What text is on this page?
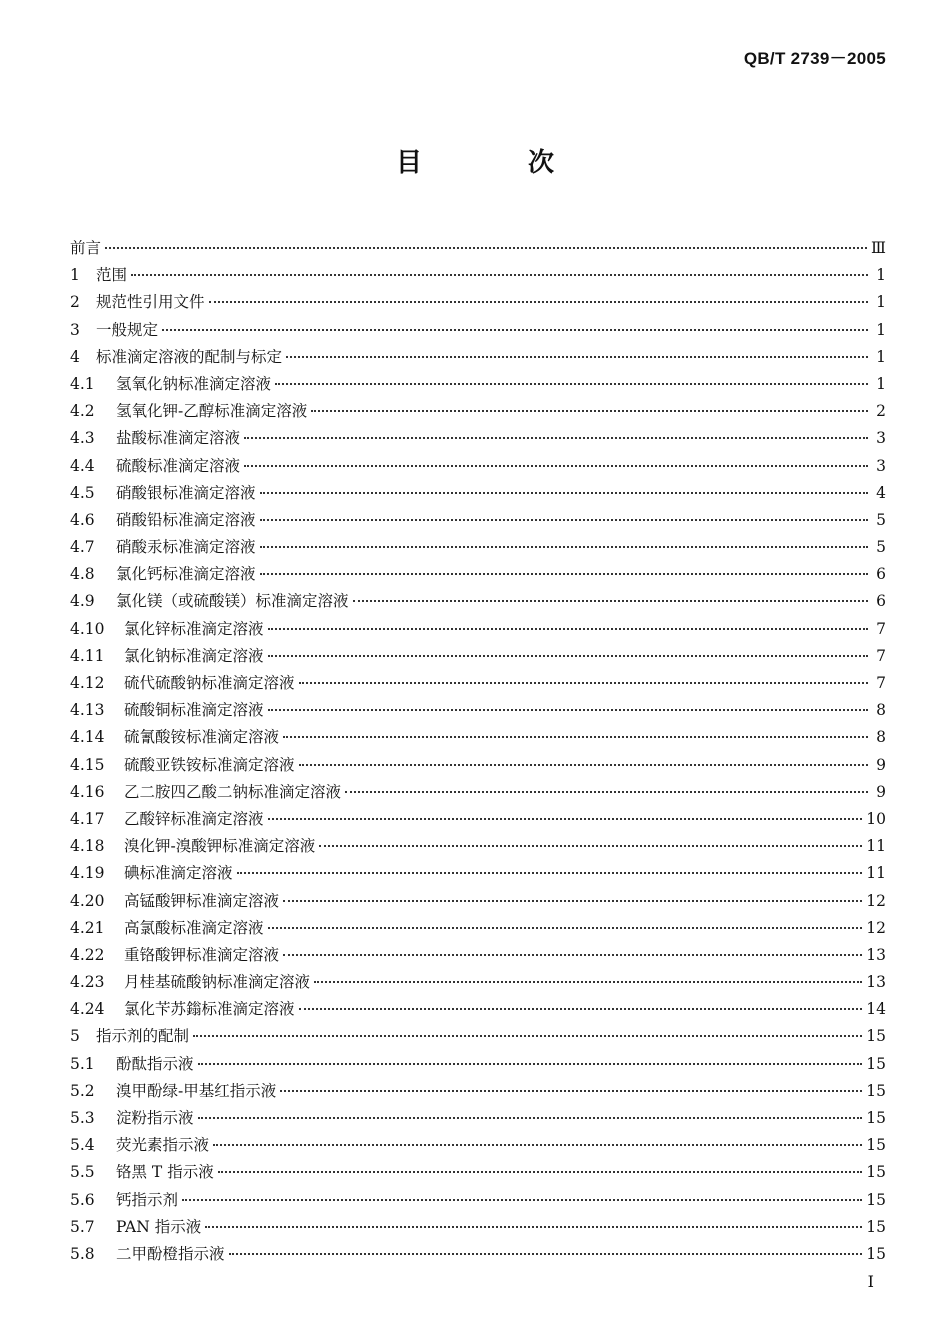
QB/T 2739－2005
目　次
前言	Ⅲ
1	范围	1
2	规范性引用文件	1
3	一般规定	1
4	标准滴定溶液的配制与标定	1
4.1	氢氧化钠标准滴定溶液	1
4.2	氢氧化钾-乙醇标准滴定溶液	2
4.3	盐酸标准滴定溶液	3
4.4	硫酸标准滴定溶液	3
4.5	硝酸银标准滴定溶液	4
4.6	硝酸铅标准滴定溶液	5
4.7	硝酸汞标准滴定溶液	5
4.8	氯化钙标准滴定溶液	6
4.9	氯化镁（或硫酸镁）标准滴定溶液	6
4.10	氯化锌标准滴定溶液	7
4.11	氯化钠标准滴定溶液	7
4.12	硫代硫酸钠标准滴定溶液	7
4.13	硫酸铜标准滴定溶液	8
4.14	硫氰酸铵标准滴定溶液	8
4.15	硫酸亚铁铵标准滴定溶液	9
4.16	乙二胺四乙酸二钠标准滴定溶液	9
4.17	乙酸锌标准滴定溶液	10
4.18	溴化钾-溴酸钾标准滴定溶液	11
4.19	碘标准滴定溶液	11
4.20	高锰酸钾标准滴定溶液	12
4.21	高氯酸标准滴定溶液	12
4.22	重铬酸钾标准滴定溶液	13
4.23	月桂基硫酸钠标准滴定溶液	13
4.24	氯化苄苏鎓标准滴定溶液	14
5	指示剂的配制	15
5.1	酚酞指示液	15
5.2	溴甲酚绿-甲基红指示液	15
5.3	淀粉指示液	15
5.4	荧光素指示液	15
5.5	铬黑 T 指示液	15
5.6	钙指示剂	15
5.7	PAN 指示液	15
5.8	二甲酚橙指示液	15
I
